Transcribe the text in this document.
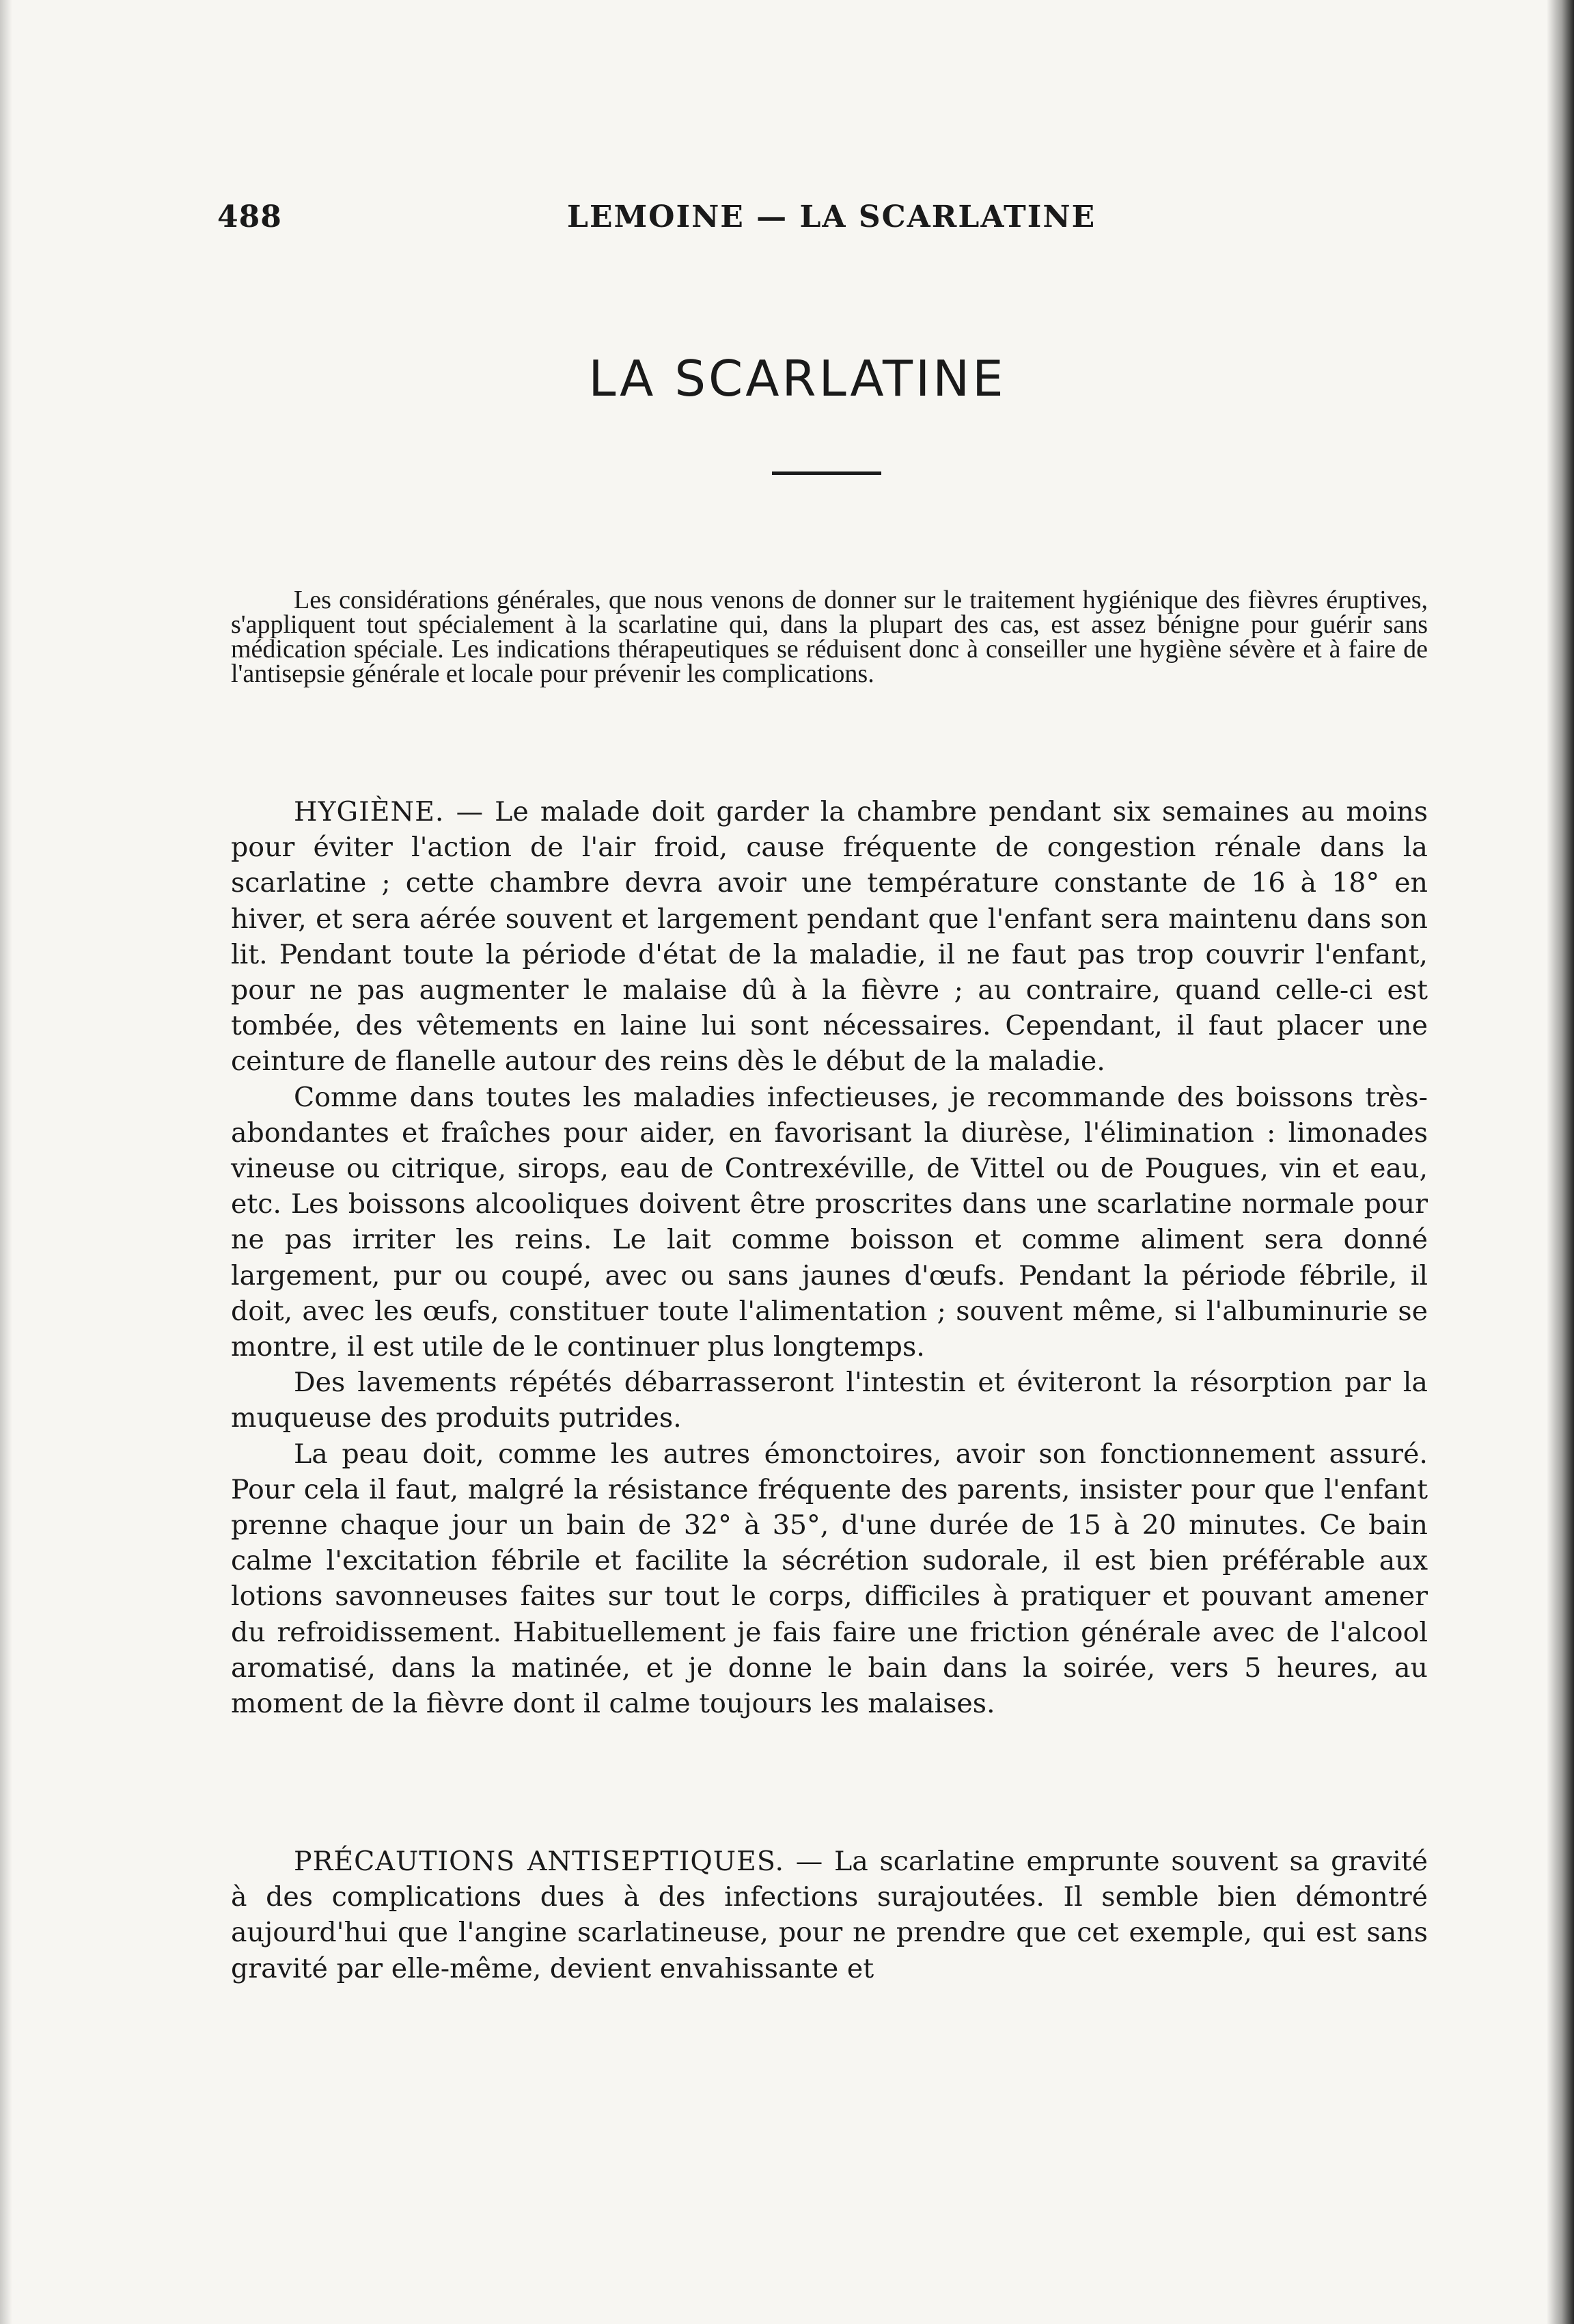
488	LEMOINE — LA SCARLATINE
LA SCARLATINE

Les considérations générales, que nous venons de donner sur le traitement hygiénique des fièvres éruptives, s'appliquent tout spécialement à la scarlatine qui, dans la plupart des cas, est assez bénigne pour guérir sans médication spéciale. Les indications thérapeutiques se réduisent donc à conseiller une hygiène sévère et à faire de l'antisepsie générale et locale pour prévenir les complications.

HYGIÈNE. — Le malade doit garder la chambre pendant six semaines au moins pour éviter l'action de l'air froid, cause fréquente de congestion rénale dans la scarlatine ; cette chambre devra avoir une température constante de 16 à 18° en hiver, et sera aérée souvent et largement pendant que l'enfant sera maintenu dans son lit. Pendant toute la période d'état de la maladie, il ne faut pas trop couvrir l'enfant, pour ne pas augmenter le malaise dû à la fièvre ; au contraire, quand celle-ci est tombée, des vêtements en laine lui sont nécessaires. Cependant, il faut placer une ceinture de flanelle autour des reins dès le début de la maladie.

Comme dans toutes les maladies infectieuses, je recommande des boissons très-abondantes et fraîches pour aider, en favorisant la diurèse, l'élimination : limonades vineuse ou citrique, sirops, eau de Contrexéville, de Vittel ou de Pougues, vin et eau, etc. Les boissons alcooliques doivent être proscrites dans une scarlatine normale pour ne pas irriter les reins. Le lait comme boisson et comme aliment sera donné largement, pur ou coupé, avec ou sans jaunes d'œufs. Pendant la période fébrile, il doit, avec les œufs, constituer toute l'alimentation ; souvent même, si l'albuminurie se montre, il est utile de le continuer plus longtemps.

Des lavements répétés débarrasseront l'intestin et éviteront la résorption par la muqueuse des produits putrides.

La peau doit, comme les autres émonctoires, avoir son fonctionnement assuré. Pour cela il faut, malgré la résistance fréquente des parents, insister pour que l'enfant prenne chaque jour un bain de 32° à 35°, d'une durée de 15 à 20 minutes. Ce bain calme l'excitation fébrile et facilite la sécrétion sudorale, il est bien préférable aux lotions savonneuses faites sur tout le corps, difficiles à pratiquer et pouvant amener du refroidissement. Habituellement je fais faire une friction générale avec de l'alcool aromatisé, dans la matinée, et je donne le bain dans la soirée, vers 5 heures, au moment de la fièvre dont il calme toujours les malaises.

PRÉCAUTIONS ANTISEPTIQUES. — La scarlatine emprunte souvent sa gravité à des complications dues à des infections surajoutées. Il semble bien démontré aujourd'hui que l'angine scarlatineuse, pour ne prendre que cet exemple, qui est sans gravité par elle-même, devient envahissante et
